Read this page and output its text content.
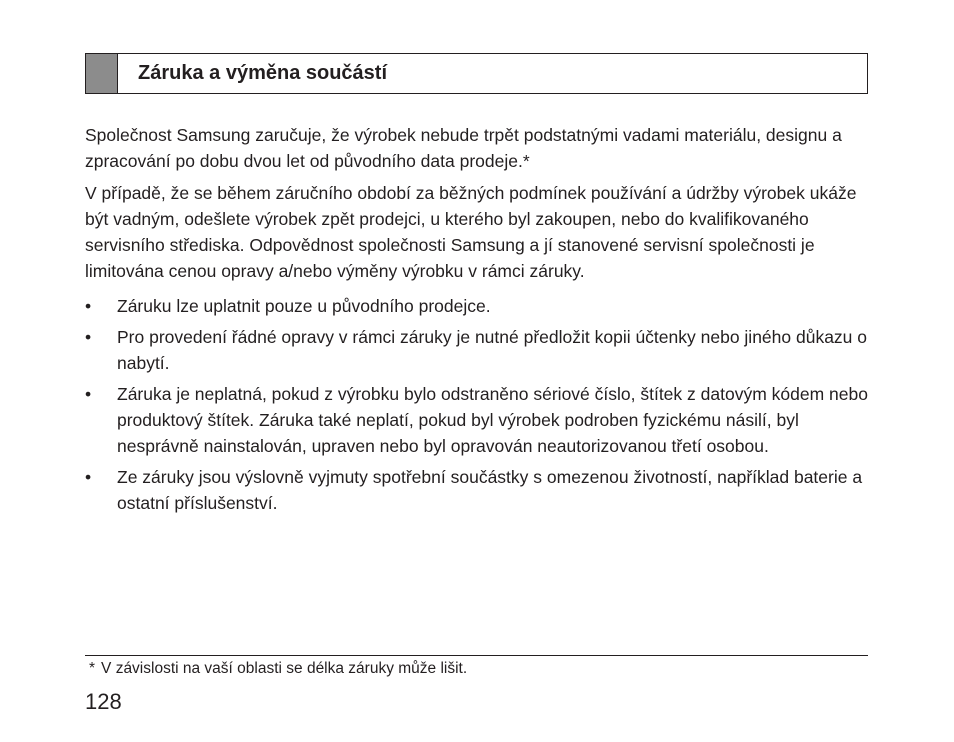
Záruka a výměna součástí

Společnost Samsung zaručuje, že výrobek nebude trpět podstatnými vadami materiálu, designu a zpracování po dobu dvou let od původního data prodeje.*

V případě, že se během záručního období za běžných podmínek používání a údržby výrobek ukáže být vadným, odešlete výrobek zpět prodejci, u kterého byl zakoupen, nebo do kvalifikovaného servisního střediska. Odpovědnost společnosti Samsung a jí stanovené servisní společnosti je limitována cenou opravy a/nebo výměny výrobku v rámci záruky.

• Záruku lze uplatnit pouze u původního prodejce.
• Pro provedení řádné opravy v rámci záruky je nutné předložit kopii účtenky nebo jiného důkazu o nabytí.
• Záruka je neplatná, pokud z výrobku bylo odstraněno sériové číslo, štítek z datovým kódem nebo produktový štítek. Záruka také neplatí, pokud byl výrobek podroben fyzickému násilí, byl nesprávně nainstalován, upraven nebo byl opravován neautorizovanou třetí osobou.
• Ze záruky jsou výslovně vyjmuty spotřební součástky s omezenou životností, například baterie a ostatní příslušenství.
* V závislosti na vaší oblasti se délka záruky může lišit.
128
